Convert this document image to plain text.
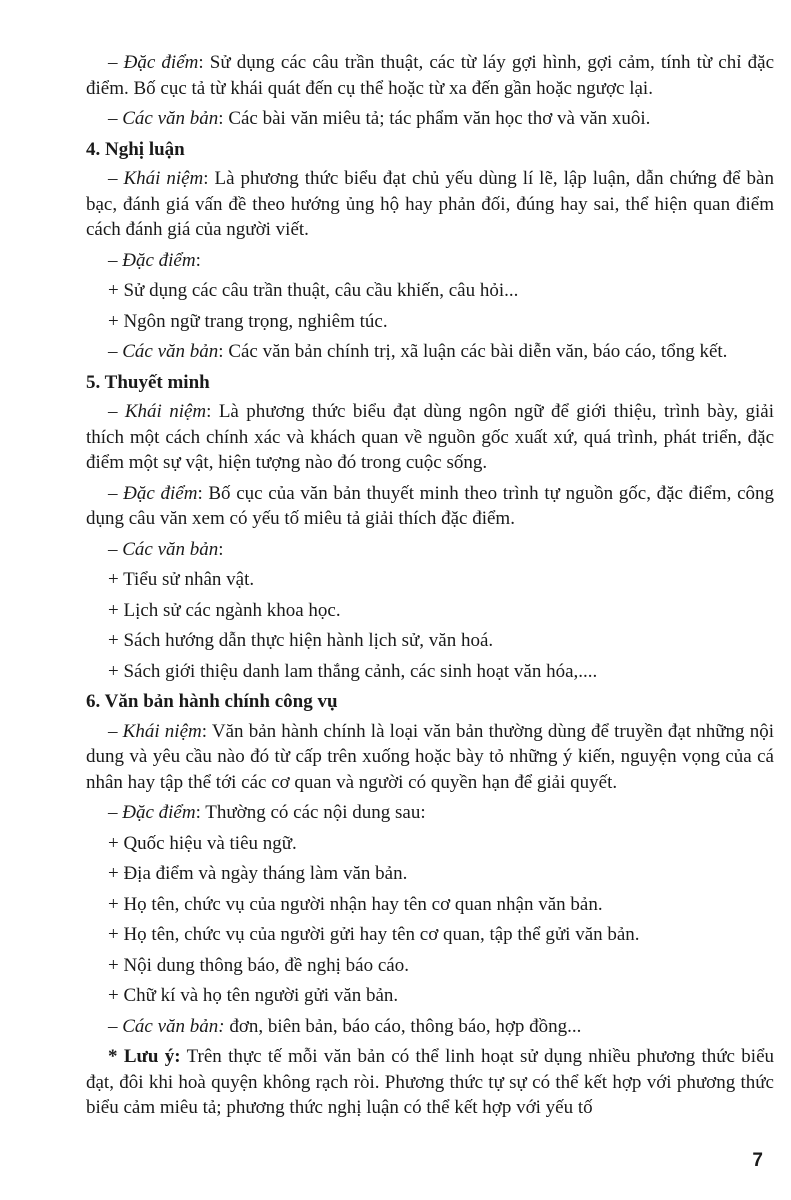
– Đặc điểm: Sử dụng các câu trần thuật, các từ láy gợi hình, gợi cảm, tính từ chỉ đặc điểm. Bố cục tả từ khái quát đến cụ thể hoặc từ xa đến gần hoặc ngược lại.

– Các văn bản: Các bài văn miêu tả; tác phẩm văn học thơ và văn xuôi.

4. Nghị luận

– Khái niệm: Là phương thức biểu đạt chủ yếu dùng lí lẽ, lập luận, dẫn chứng để bàn bạc, đánh giá vấn đề theo hướng ủng hộ hay phản đối, đúng hay sai, thể hiện quan điểm cách đánh giá của người viết.

– Đặc điểm:

+ Sử dụng các câu trần thuật, câu cầu khiến, câu hỏi...

+ Ngôn ngữ trang trọng, nghiêm túc.

– Các văn bản: Các văn bản chính trị, xã luận các bài diễn văn, báo cáo, tổng kết.

5. Thuyết minh

– Khái niệm: Là phương thức biểu đạt dùng ngôn ngữ để giới thiệu, trình bày, giải thích một cách chính xác và khách quan về nguồn gốc xuất xứ, quá trình, phát triển, đặc điểm một sự vật, hiện tượng nào đó trong cuộc sống.

– Đặc điểm: Bố cục của văn bản thuyết minh theo trình tự nguồn gốc, đặc điểm, công dụng câu văn xem có yếu tố miêu tả giải thích đặc điểm.

– Các văn bản:

+ Tiểu sử nhân vật.

+ Lịch sử các ngành khoa học.

+ Sách hướng dẫn thực hiện hành lịch sử, văn hoá.

+ Sách giới thiệu danh lam thắng cảnh, các sinh hoạt văn hóa,....

6. Văn bản hành chính công vụ

– Khái niệm: Văn bản hành chính là loại văn bản thường dùng để truyền đạt những nội dung và yêu cầu nào đó từ cấp trên xuống hoặc bày tỏ những ý kiến, nguyện vọng của cá nhân hay tập thể tới các cơ quan và người có quyền hạn để giải quyết.

– Đặc điểm: Thường có các nội dung sau:

+ Quốc hiệu và tiêu ngữ.

+ Địa điểm và ngày tháng làm văn bản.

+ Họ tên, chức vụ của người nhận hay tên cơ quan nhận văn bản.

+ Họ tên, chức vụ của người gửi hay tên cơ quan, tập thể gửi văn bản.

+ Nội dung thông báo, đề nghị báo cáo.

+ Chữ kí và họ tên người gửi văn bản.

– Các văn bản: đơn, biên bản, báo cáo, thông báo, hợp đồng...

* Lưu ý: Trên thực tế mỗi văn bản có thể linh hoạt sử dụng nhiều phương thức biểu đạt, đôi khi hoà quyện không rạch ròi. Phương thức tự sự có thể kết hợp với phương thức biểu cảm miêu tả; phương thức nghị luận có thể kết hợp với yếu tố

7
